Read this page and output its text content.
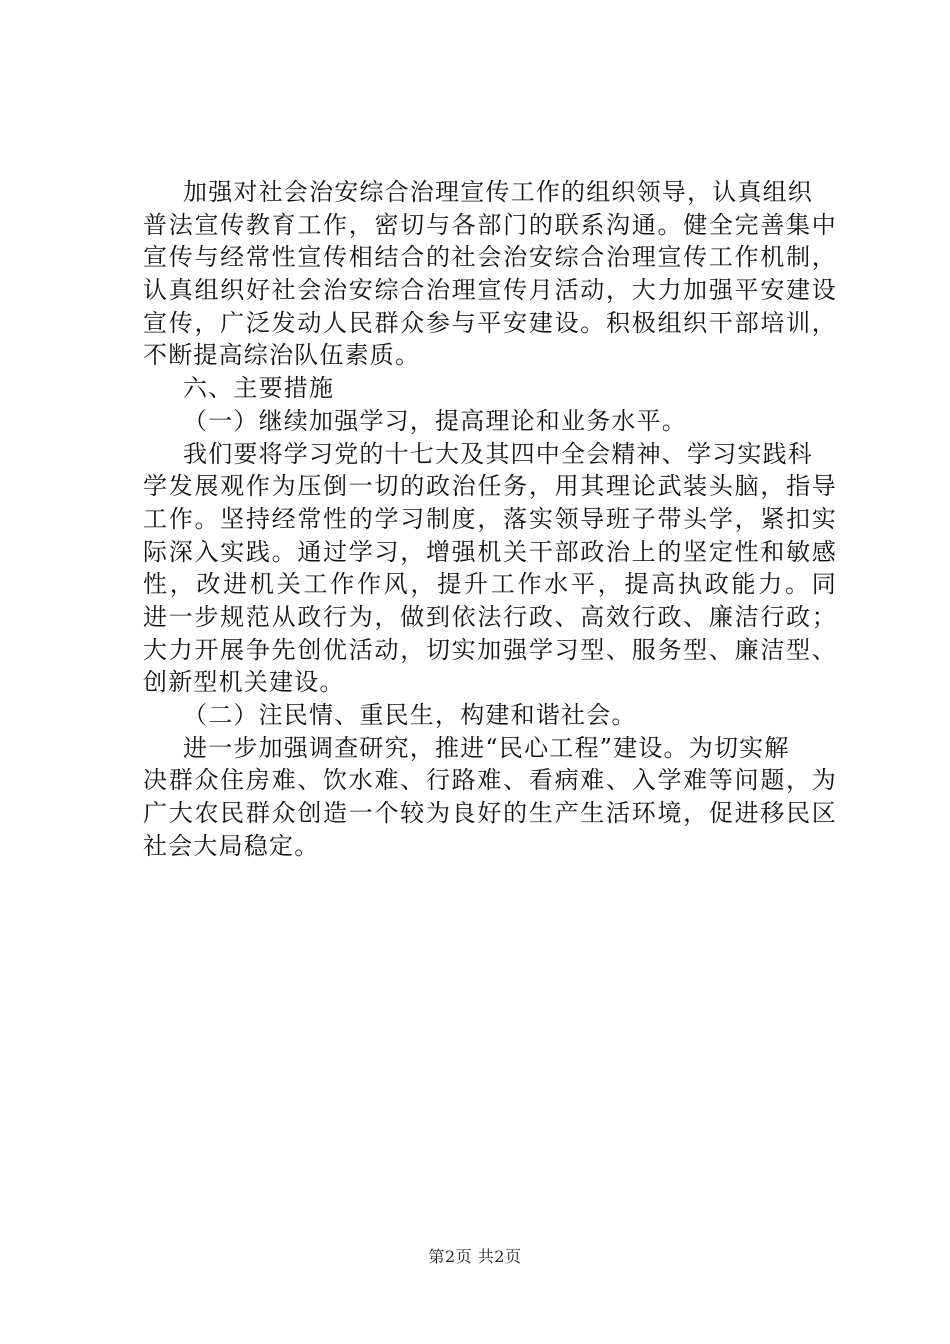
加强对社会治安综合治理宣传工作的组织领导，认真组织
普法宣传教育工作，密切与各部门的联系沟通。健全完善集中
宣传与经常性宣传相结合的社会治安综合治理宣传工作机制，
认真组织好社会治安综合治理宣传月活动，大力加强平安建设
宣传，广泛发动人民群众参与平安建设。积极组织干部培训，
不断提高综治队伍素质。
六、主要措施
（一）继续加强学习，提高理论和业务水平。
我们要将学习党的十七大及其四中全会精神、学习实践科
学发展观作为压倒一切的政治任务，用其理论武装头脑，指导
工作。坚持经常性的学习制度，落实领导班子带头学，紧扣实
际深入实践。通过学习，增强机关干部政治上的坚定性和敏感
性，改进机关工作作风，提升工作水平，提高执政能力。同
进一步规范从政行为，做到依法行政、高效行政、廉洁行政；
大力开展争先创优活动，切实加强学习型、服务型、廉洁型、
创新型机关建设。
（二）注民情、重民生，构建和谐社会。
进一步加强调查研究，推进“民心工程”建设。为切实解
决群众住房难、饮水难、行路难、看病难、入学难等问题，为
广大农民群众创造一个较为良好的生产生活环境，促进移民区
社会大局稳定。
第2页 共2页
